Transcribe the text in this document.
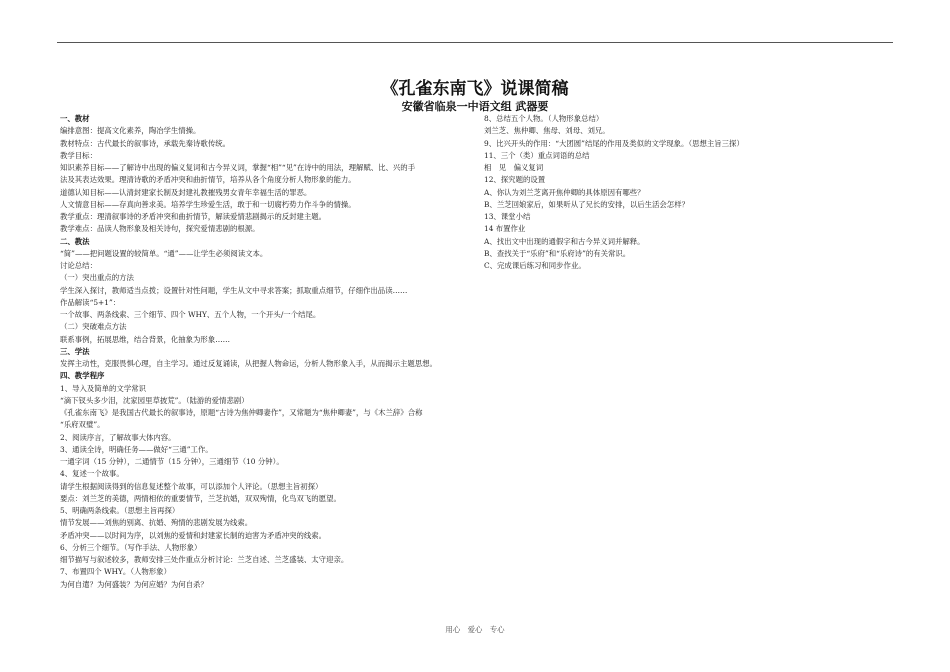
《孔雀东南飞》说课简稿
安徽省临泉一中语文组 武器要
一、教材
编排意图：提高文化素养，陶冶学生情操。
教材特点：古代最长的叙事诗，承载先秦诗歌传统。
教学目标：
知识素养目标——了解诗中出现的偏义复词和古今异义词，掌握“相”“见”在诗中的用法，理解赋、比、兴的手
法及其表达效果。理清诗歌的矛盾冲突和曲折情节，培养从各个角度分析人物形象的能力。
道德认知目标——认清封建家长制及封建礼教摧残男女青年幸福生活的罪恶。
人文情意目标——存真向善求美。培养学生珍爱生活，敢于和一切腐朽势力作斗争的情操。
教学重点：理清叙事诗的矛盾冲突和曲折情节，解读爱情悲剧揭示的反封建主题。
教学难点：品读人物形象及相关诗句，探究爱情悲剧的根源。
二、教法
“简”——把问题设置的较简单。“通”——让学生必须阅读文本。
讨论总结：
（一）突出重点的方法
学生深入探讨，教师适当点拨；设置针对性问题，学生从文中寻求答案；抓取重点细节，仔细作出品读……
作品解读“5+1”：
一个故事、两条线索、三个细节、四个 WHY、五个人物，一个开头/一个结尾。
（二）突破难点方法
联系事例，拓展思维，结合背景，化抽象为形象……
三、学法
发挥主动性，克服畏惧心理，自主学习。通过反复诵读，从把握人物命运，分析人物形象入手，从而揭示主题思想。
四、教学程序
1、导入及简单的文学常识
“滴下钗头多少泪，沈家园里草披荒”。（陆游的爱情悲剧）
《孔雀东南飞》是我国古代最长的叙事诗，原题“古诗为焦仲卿妻作”，又常题为“焦仲卿妻”，与《木兰辞》合称
“乐府双璧”。
2、阅读序言，了解故事大体内容。
3、通读全诗，明确任务——做好“三通”工作。
一通字词（15 分钟），二通情节（15 分钟），三通细节（10 分钟）。
4、复述一个故事。
请学生根据阅读得到的信息复述整个故事，可以添加个人评论。（思想主旨初探）
要点：刘兰芝的美德，两情相依的重要情节，兰芝抗婚，双双殉情，化鸟双飞的愿望。
5、明确两条线索。（思想主旨再探）
情节发展——刘焦的别离、抗婚、殉情的悲剧发展为线索。
矛盾冲突——以时间为序，以刘焦的爱情和封建家长制的迫害为矛盾冲突的线索。
6、分析三个细节。（写作手法、人物形象）
细节描写与叙述较多，教师安排三处作重点分析讨论：兰芝自述、兰芝盛装、太守迎亲。
7、布置四个 WHY。（人物形象）
为何自遣？为何盛装？为何应婚？为何自杀？
8、总结五个人物。（人物形象总结）
刘兰芝、焦仲卿、焦母、刘母、刘兄。
9、比兴开头的作用：“大团圆”结尾的作用及类似的文学现象。（思想主旨三探）
11、三个（类）重点词语的总结
相　见　偏义复词
12、探究题的设置
A、你认为刘兰芝离开焦仲卿的具体原因有哪些？
B、兰芝回娘家后，如果听从了兄长的安排，以后生活会怎样？
13、课堂小结
14 布置作业
A、找出文中出现的通假字和古今异义词并解释。
B、查找关于“乐府”和“乐府诗”的有关常识。
C、完成课后练习和同步作业。
用心　爱心　专心
